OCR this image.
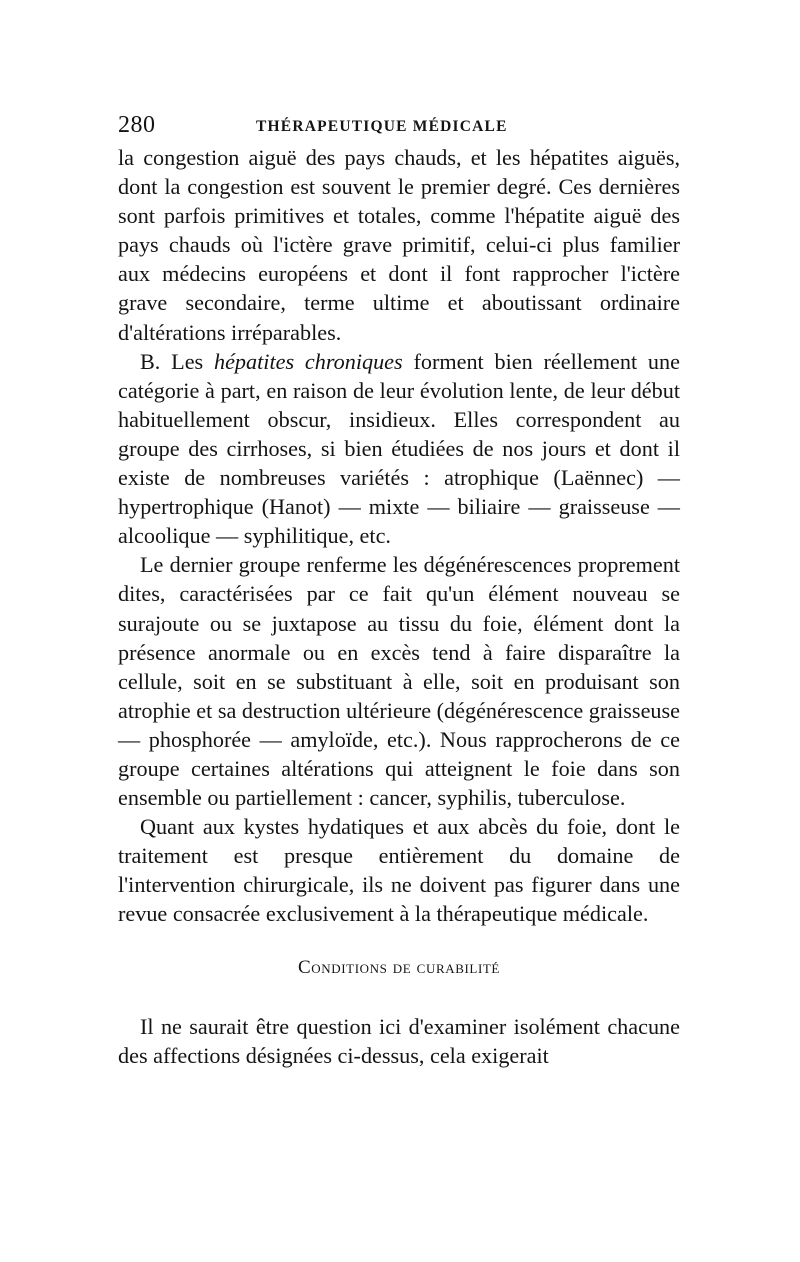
280	THÉRAPEUTIQUE MÉDICALE

la congestion aiguë des pays chauds, et les hépatites aiguës, dont la congestion est souvent le premier degré. Ces dernières sont parfois primitives et totales, comme l'hépatite aiguë des pays chauds où l'ictère grave primitif, celui-ci plus familier aux médecins européens et dont il font rapprocher l'ictère grave secondaire, terme ultime et aboutissant ordinaire d'altérations irréparables.

B. Les hépatites chroniques forment bien réellement une catégorie à part, en raison de leur évolution lente, de leur début habituellement obscur, insidieux. Elles correspondent au groupe des cirrhoses, si bien étudiées de nos jours et dont il existe de nombreuses variétés : atrophique (Laënnec) — hypertrophique (Hanot) — mixte — biliaire — graisseuse — alcoolique — syphilitique, etc.

Le dernier groupe renferme les dégénérescences proprement dites, caractérisées par ce fait qu'un élément nouveau se surajoute ou se juxtapose au tissu du foie, élément dont la présence anormale ou en excès tend à faire disparaître la cellule, soit en se substituant à elle, soit en produisant son atrophie et sa destruction ultérieure (dégénérescence graisseuse — phosphorée — amyloïde, etc.). Nous rapprocherons de ce groupe certaines altérations qui atteignent le foie dans son ensemble ou partiellement : cancer, syphilis, tuberculose.

Quant aux kystes hydatiques et aux abcès du foie, dont le traitement est presque entièrement du domaine de l'intervention chirurgicale, ils ne doivent pas figurer dans une revue consacrée exclusivement à la thérapeutique médicale.

Conditions de curabilité

Il ne saurait être question ici d'examiner isolément chacune des affections désignées ci-dessus, cela exigerait
